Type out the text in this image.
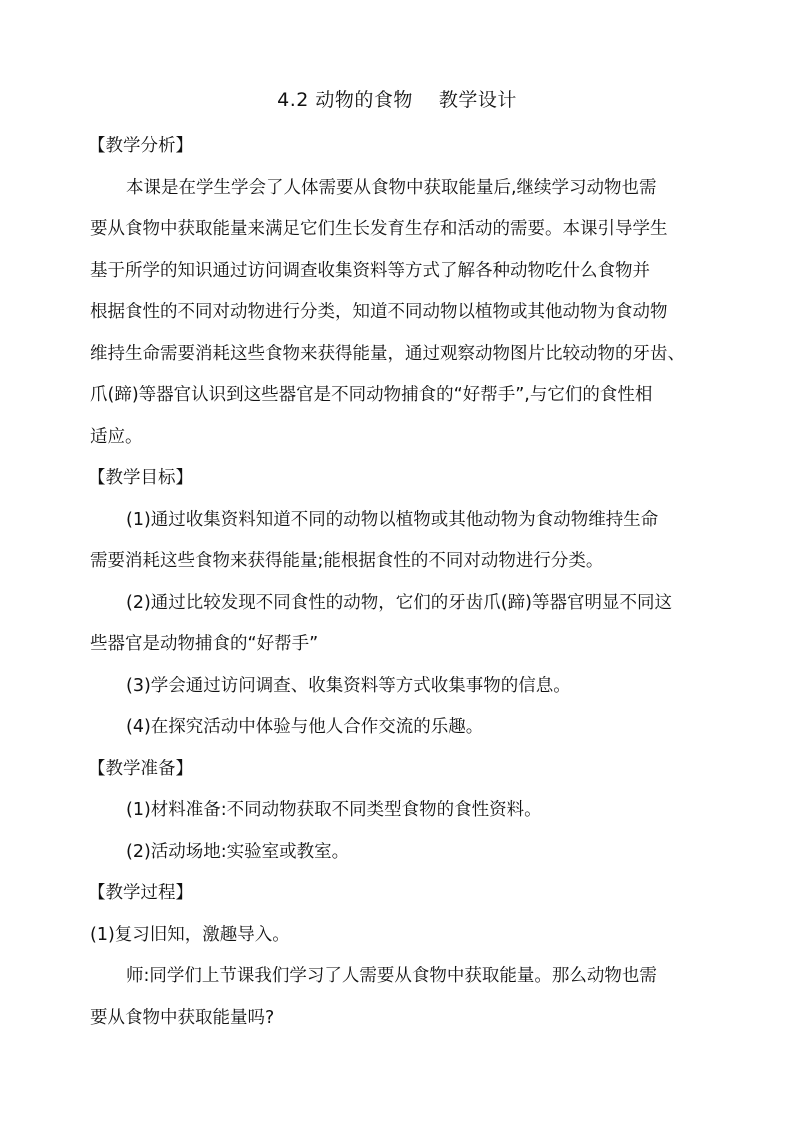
4.2 动物的食物 教学设计
【教学分析】
本课是在学生学会了人体需要从食物中获取能量后,继续学习动物也需
要从食物中获取能量来满足它们生长发育生存和活动的需要。本课引导学生
基于所学的知识通过访问调查收集资料等方式了解各种动物吃什么食物并
根据食性的不同对动物进行分类，知道不同动物以植物或其他动物为食动物
维持生命需要消耗这些食物来获得能量，通过观察动物图片比较动物的牙齿、
爪(蹄)等器官认识到这些器官是不同动物捕食的“好帮手”,与它们的食性相
适应。
【教学目标】
(1)通过收集资料知道不同的动物以植物或其他动物为食动物维持生命
需要消耗这些食物来获得能量;能根据食性的不同对动物进行分类。
(2)通过比较发现不同食性的动物，它们的牙齿爪(蹄)等器官明显不同这
些器官是动物捕食的“好帮手”
(3)学会通过访问调查、收集资料等方式收集事物的信息。
(4)在探究活动中体验与他人合作交流的乐趣。
【教学准备】
(1)材料准备:不同动物获取不同类型食物的食性资料。
(2)活动场地:实验室或教室。
【教学过程】
(1)复习旧知，激趣导入。
师:同学们上节课我们学习了人需要从食物中获取能量。那么动物也需
要从食物中获取能量吗?
